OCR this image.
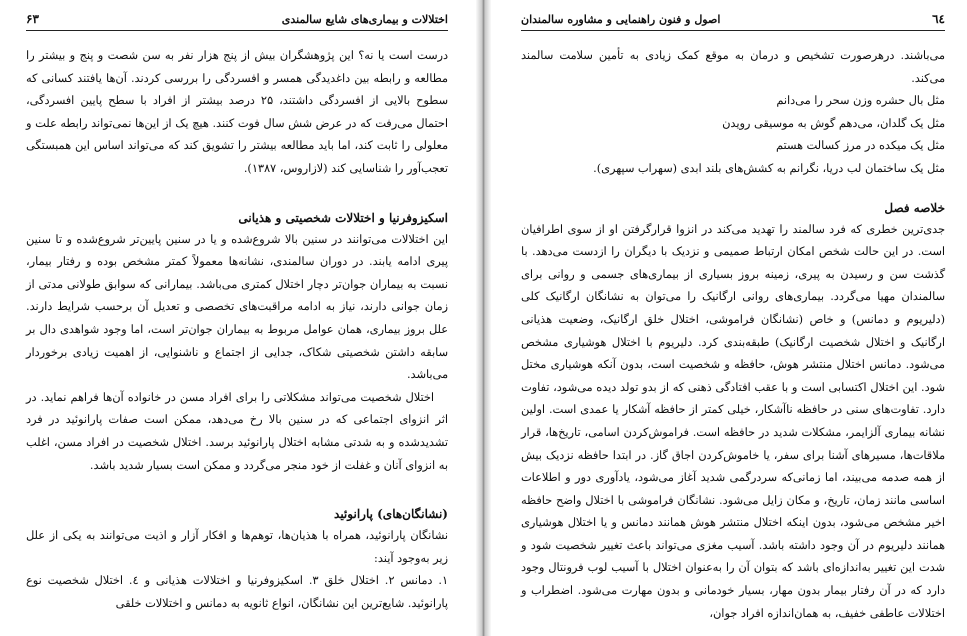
اختلالات و بیماری‌های شایع سالمندی
۶۳

درست است یا نه؟ این پژوهشگران بیش از پنج هزار نفر به سن شصت و پنج و بیشتر را مطالعه و رابطه بین داغدیدگی همسر و افسردگی را بررسی کردند. آن‌ها یافتند کسانی که سطوح بالایی از افسردگی داشتند، ۲۵ درصد بیشتر از افراد با سطح پایین افسردگی، احتمال می‌رفت که در عرض شش سال فوت کنند. هیچ یک از این‌ها نمی‌تواند رابطه علت و معلولی را ثابت کند، اما باید مطالعه بیشتر را تشویق کند که می‌تواند اساس این همبستگی تعجب‌آور را شناسایی کند (لازاروس، ۱۳۸۷).

اسکیزوفرنیا و اختلالات شخصیتی و هذیانی

این اختلالات می‌توانند در سنین بالا شروع‌شده و یا در سنین پایین‌تر شروع‌شده و تا سنین پیری ادامه یابند. در دوران سالمندی، نشانه‌ها معمولاً کمتر مشخص بوده و رفتار بیمار، نسبت به بیماران جوان‌تر دچار اختلال کمتری می‌باشد. بیمارانی که سوابق طولانی مدتی از زمان جوانی دارند، نیاز به ادامه مراقبت‌های تخصصی و تعدیل آن برحسب شرایط دارند. علل بروز بیماری، همان عوامل مربوط به بیماران جوان‌تر است، اما وجود شواهدی دال بر سابقه داشتن شخصیتی شکاک، جدایی از اجتماع و ناشنوایی، از اهمیت زیادی برخوردار می‌باشد.

اختلال شخصیت می‌تواند مشکلاتی را برای افراد مسن در خانواده آن‌ها فراهم نماید. در اثر انزوای اجتماعی که در سنین بالا رخ می‌دهد، ممکن است صفات پارانوئید در فرد تشدیدشده و به شدتی مشابه اختلال پارانوئید برسد. اختلال شخصیت در افراد مسن، اغلب به انزوای آنان و غفلت از خود منجر می‌گردد و ممکن است بسیار شدید باشد.

(نشانگان‌های) پارانوئید

نشانگان پارانوئید، همراه با هذیان‌ها، توهم‌ها و افکار آزار و اذیت می‌توانند به یکی از علل زیر به‌وجود آیند:

۱. دمانس ۲. اختلال خلق ۳. اسکیزوفرنیا و اختلالات هذیانی و ٤. اختلال شخصیت نوع پارانوئید. شایع‌ترین این نشانگان، انواع ثانویه به دمانس و اختلالات خلقی

٦٤
اصول و فنون راهنمایی و مشاوره سالمندان

می‌باشند. درهرصورت تشخیص و درمان به موقع کمک زیادی به تأمین سلامت سالمند می‌کند.

مثل بال حشره وزن سحر را می‌دانم

مثل یک گلدان، می‌دهم گوش به موسیقی رویدن

مثل یک میکده در مرز کسالت هستم

مثل یک ساختمان لب دریا، نگرانم به کشش‌های بلند ابدی (سهراب سپهری).

خلاصه فصل

جدی‌ترین خطری که فرد سالمند را تهدید می‌کند در انزوا قرارگرفتن او از سوی اطرافیان است. در این حالت شخص امکان ارتباط صمیمی و نزدیک با دیگران را ازدست می‌دهد. با گذشت سن و رسیدن به پیری، زمینه بروز بسیاری از بیماری‌های جسمی و روانی برای سالمندان مهیا می‌گردد. بیماری‌های روانی ارگانیک را می‌توان به نشانگان ارگانیک کلی (دلیریوم و دمانس) و خاص (نشانگان فراموشی، اختلال خلق ارگانیک، وضعیت هذیانی ارگانیک و اختلال شخصیت ارگانیک) طبقه‌بندی کرد. دلیریوم با اختلال هوشیاری مشخص می‌شود. دمانس اختلال منتشر هوش، حافظه و شخصیت است، بدون آنکه هوشیاری مختل شود. این اختلال اکتسابی است و با عقب افتادگی ذهنی که از بدو تولد دیده می‌شود، تفاوت دارد. تفاوت‌های سنی در حافظه ناآشکار، خیلی کمتر از حافظه آشکار یا عمدی است. اولین نشانه بیماری آلزایمر، مشکلات شدید در حافظه است. فراموش‌کردن اسامی، تاریخ‌ها، قرار ملاقات‌ها، مسیرهای آشنا برای سفر، یا خاموش‌کردن اجاق گاز. در ابتدا حافظه نزدیک بیش از همه صدمه می‌بیند، اما زمانی‌که سردرگمی شدید آغاز می‌شود، یادآوری دور و اطلاعات اساسی مانند زمان، تاریخ، و مکان زایل می‌شود. نشانگان فراموشی با اختلال واضح حافظه اخیر مشخص می‌شود، بدون اینکه اختلال منتشر هوش همانند دمانس و یا اختلال هوشیاری همانند دلیریوم در آن وجود داشته باشد. آسیب مغزی می‌تواند باعث تغییر شخصیت شود و شدت این تغییر به‌اندازه‌ای باشد که بتوان آن را به‌عنوان اختلال با آسیب لوب فرونتال وجود دارد که در آن رفتار بیمار بدون مهار، بسیار خودمانی و بدون مهارت می‌شود. اضطراب و اختلالات عاطفی خفیف، به همان‌اندازه افراد جوان،
